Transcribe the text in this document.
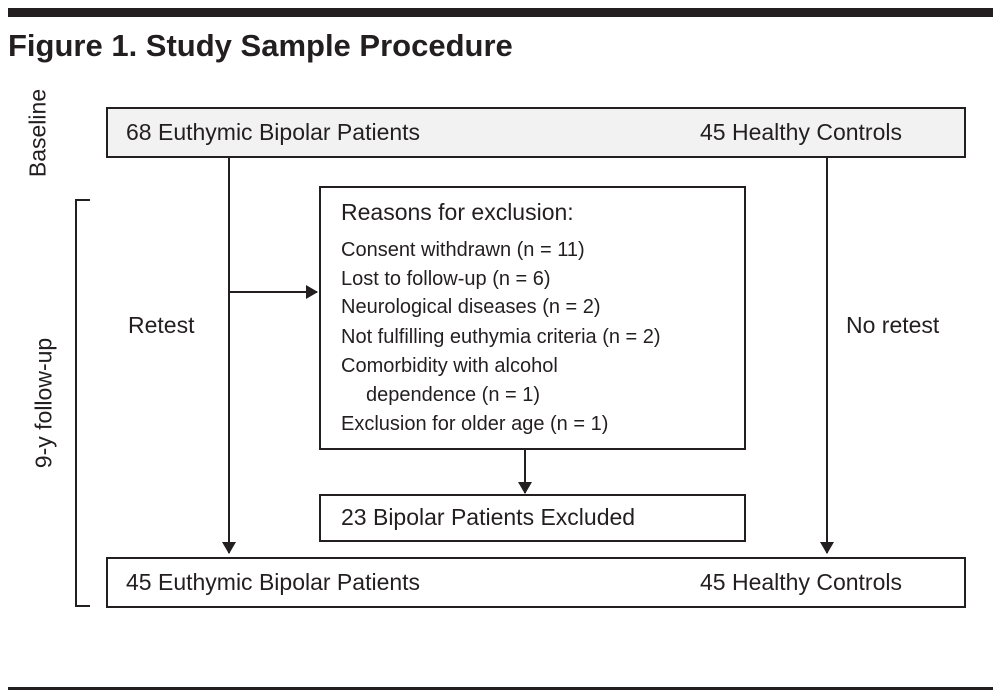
Figure 1. Study Sample Procedure
Baseline
9-y follow-up
68 Euthymic Bipolar Patients	45 Healthy Controls
Reasons for exclusion:
Consent withdrawn (n = 11)
Lost to follow-up (n = 6)
Neurological diseases (n = 2)
Not fulfilling euthymia criteria (n = 2)
Comorbidity with alcohol
dependence (n = 1)
Exclusion for older age (n = 1)
23 Bipolar Patients Excluded
Retest	No retest
45 Euthymic Bipolar Patients	45 Healthy Controls
